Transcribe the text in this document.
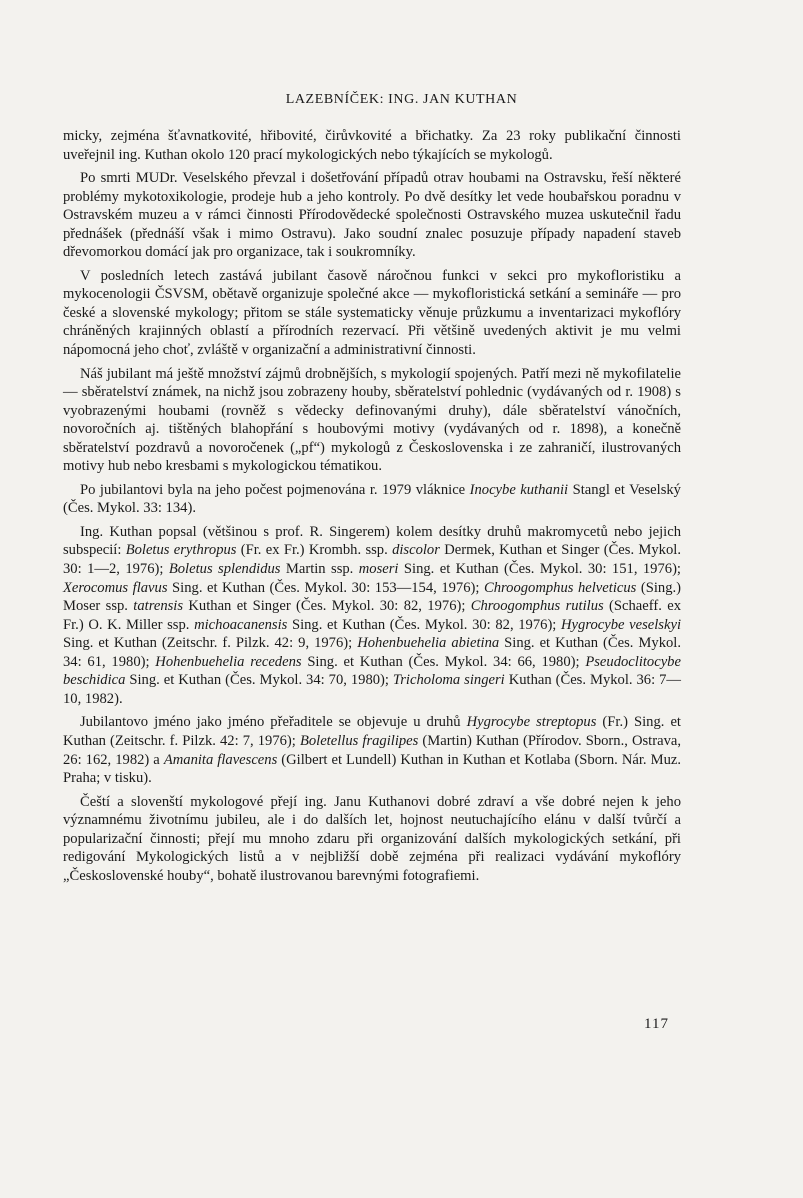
LAZEBNÍČEK: ING. JAN KUTHAN

micky, zejména šťavnatkovité, hřibovité, čirůvkovité a břichatky. Za 23 roky publikační činnosti uveřejnil ing. Kuthan okolo 120 prací mykologických nebo týkajících se mykologů.

Po smrti MUDr. Veselského převzal i došetřování případů otrav houbami na Ostravsku, řeší některé problémy mykotoxikologie, prodeje hub a jeho kontroly. Po dvě desítky let vede houbařskou poradnu v Ostravském muzeu a v rámci činnosti Přírodovědecké společnosti Ostravského muzea uskutečnil řadu přednášek (přednáší však i mimo Ostravu). Jako soudní znalec posuzuje případy napadení staveb dřevomorkou domácí jak pro organizace, tak i soukromníky.

V posledních letech zastává jubilant časově náročnou funkci v sekci pro mykofloristiku a mykocenologii ČSVSM, obětavě organizuje společné akce — mykofloristická setkání a semináře — pro české a slovenské mykology; přitom se stále systematicky věnuje průzkumu a inventarizaci mykoflóry chráněných krajinných oblastí a přírodních rezervací. Při většině uvedených aktivit je mu velmi nápomocná jeho choť, zvláště v organizační a administrativní činnosti.

Náš jubilant má ještě množství zájmů drobnějších, s mykologií spojených. Patří mezi ně mykofilatelie — sběratelství známek, na nichž jsou zobrazeny houby, sběratelství pohlednic (vydávaných od r. 1908) s vyobrazenými houbami (rovněž s vědecky definovanými druhy), dále sběratelství vánočních, novoročních aj. tištěných blahopřání s houbovými motivy (vydávaných od r. 1898), a konečně sběratelství pozdravů a novoročenek („pf“) mykologů z Československa i ze zahraničí, ilustrovaných motivy hub nebo kresbami s mykologickou tématikou.

Po jubilantovi byla na jeho počest pojmenována r. 1979 vláknice Inocybe kuthanii Stangl et Veselský (Čes. Mykol. 33: 134).

Ing. Kuthan popsal (většinou s prof. R. Singerem) kolem desítky druhů makromycetů nebo jejich subspecií: Boletus erythropus (Fr. ex Fr.) Krombh. ssp. discolor Dermek, Kuthan et Singer (Čes. Mykol. 30: 1—2, 1976); Boletus splendidus Martin ssp. moseri Sing. et Kuthan (Čes. Mykol. 30: 151, 1976); Xerocomus flavus Sing. et Kuthan (Čes. Mykol. 30: 153—154, 1976); Chroogomphus helveticus (Sing.) Moser ssp. tatrensis Kuthan et Singer (Čes. Mykol. 30: 82, 1976); Chroogomphus rutilus (Schaeff. ex Fr.) O. K. Miller ssp. michoacanensis Sing. et Kuthan (Čes. Mykol. 30: 82, 1976); Hygrocybe veselskyi Sing. et Kuthan (Zeitschr. f. Pilzk. 42: 9, 1976); Hohenbuehelia abietina Sing. et Kuthan (Čes. Mykol. 34: 61, 1980); Hohenbuehelia recedens Sing. et Kuthan (Čes. Mykol. 34: 66, 1980); Pseudoclitocybe beschidica Sing. et Kuthan (Čes. Mykol. 34: 70, 1980); Tricholoma singeri Kuthan (Čes. Mykol. 36: 7—10, 1982).

Jubilantovo jméno jako jméno přeřaditele se objevuje u druhů Hygrocybe streptopus (Fr.) Sing. et Kuthan (Zeitschr. f. Pilzk. 42: 7, 1976); Boletellus fragilipes (Martin) Kuthan (Přírodov. Sborn., Ostrava, 26: 162, 1982) a Amanita flavescens (Gilbert et Lundell) Kuthan in Kuthan et Kotlaba (Sborn. Nár. Muz. Praha; v tisku).

Čeští a slovenští mykologové přejí ing. Janu Kuthanovi dobré zdraví a vše dobré nejen k jeho významnému životnímu jubileu, ale i do dalších let, hojnost neutuchajícího elánu v další tvůrčí a popularizační činnosti; přejí mu mnoho zdaru při organizování dalších mykologických setkání, při redigování Mykologických listů a v nejbližší době zejména při realizaci vydávání mykoflóry „Československé houby“, bohatě ilustrovanou barevnými fotografiemi.

117
